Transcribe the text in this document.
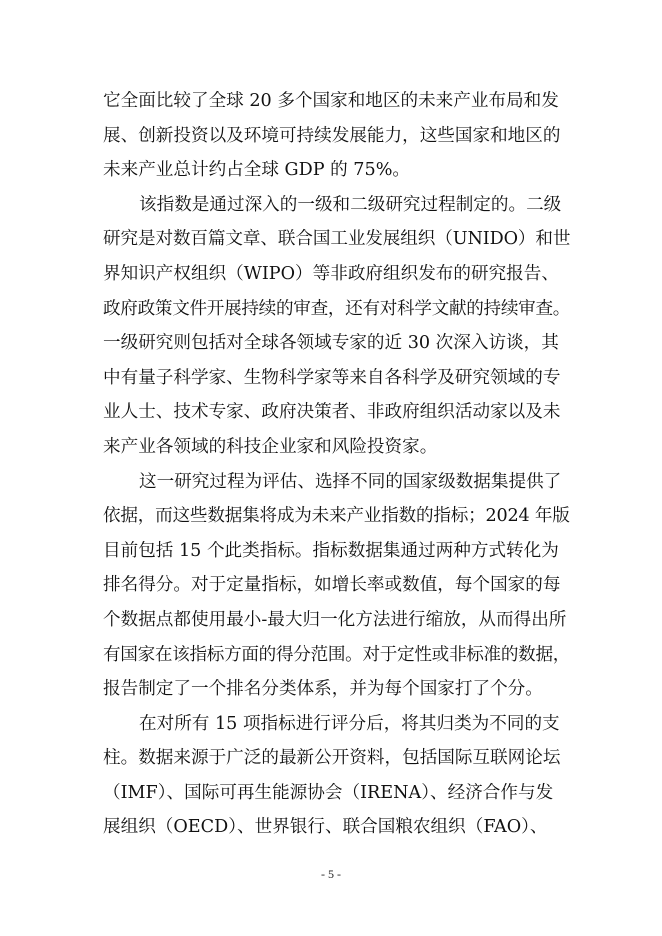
它全面比较了全球 20 多个国家和地区的未来产业布局和发
展、创新投资以及环境可持续发展能力，这些国家和地区的
未来产业总计约占全球 GDP 的 75%。

该指数是通过深入的一级和二级研究过程制定的。二级
研究是对数百篇文章、联合国工业发展组织（UNIDO）和世
界知识产权组织（WIPO）等非政府组织发布的研究报告、
政府政策文件开展持续的审查，还有对科学文献的持续审查。
一级研究则包括对全球各领域专家的近 30 次深入访谈，其
中有量子科学家、生物科学家等来自各科学及研究领域的专
业人士、技术专家、政府决策者、非政府组织活动家以及未
来产业各领域的科技企业家和风险投资家。

这一研究过程为评估、选择不同的国家级数据集提供了
依据，而这些数据集将成为未来产业指数的指标；2024 年版
目前包括 15 个此类指标。指标数据集通过两种方式转化为
排名得分。对于定量指标，如增长率或数值，每个国家的每
个数据点都使用最小-最大归一化方法进行缩放，从而得出所
有国家在该指标方面的得分范围。对于定性或非标准的数据，
报告制定了一个排名分类体系，并为每个国家打了个分。

在对所有 15 项指标进行评分后，将其归类为不同的支
柱。数据来源于广泛的最新公开资料，包括国际互联网论坛
（IMF）、国际可再生能源协会（IRENA）、经济合作与发
展组织（OECD）、世界银行、联合国粮农组织（FAO）、

- 5 -
